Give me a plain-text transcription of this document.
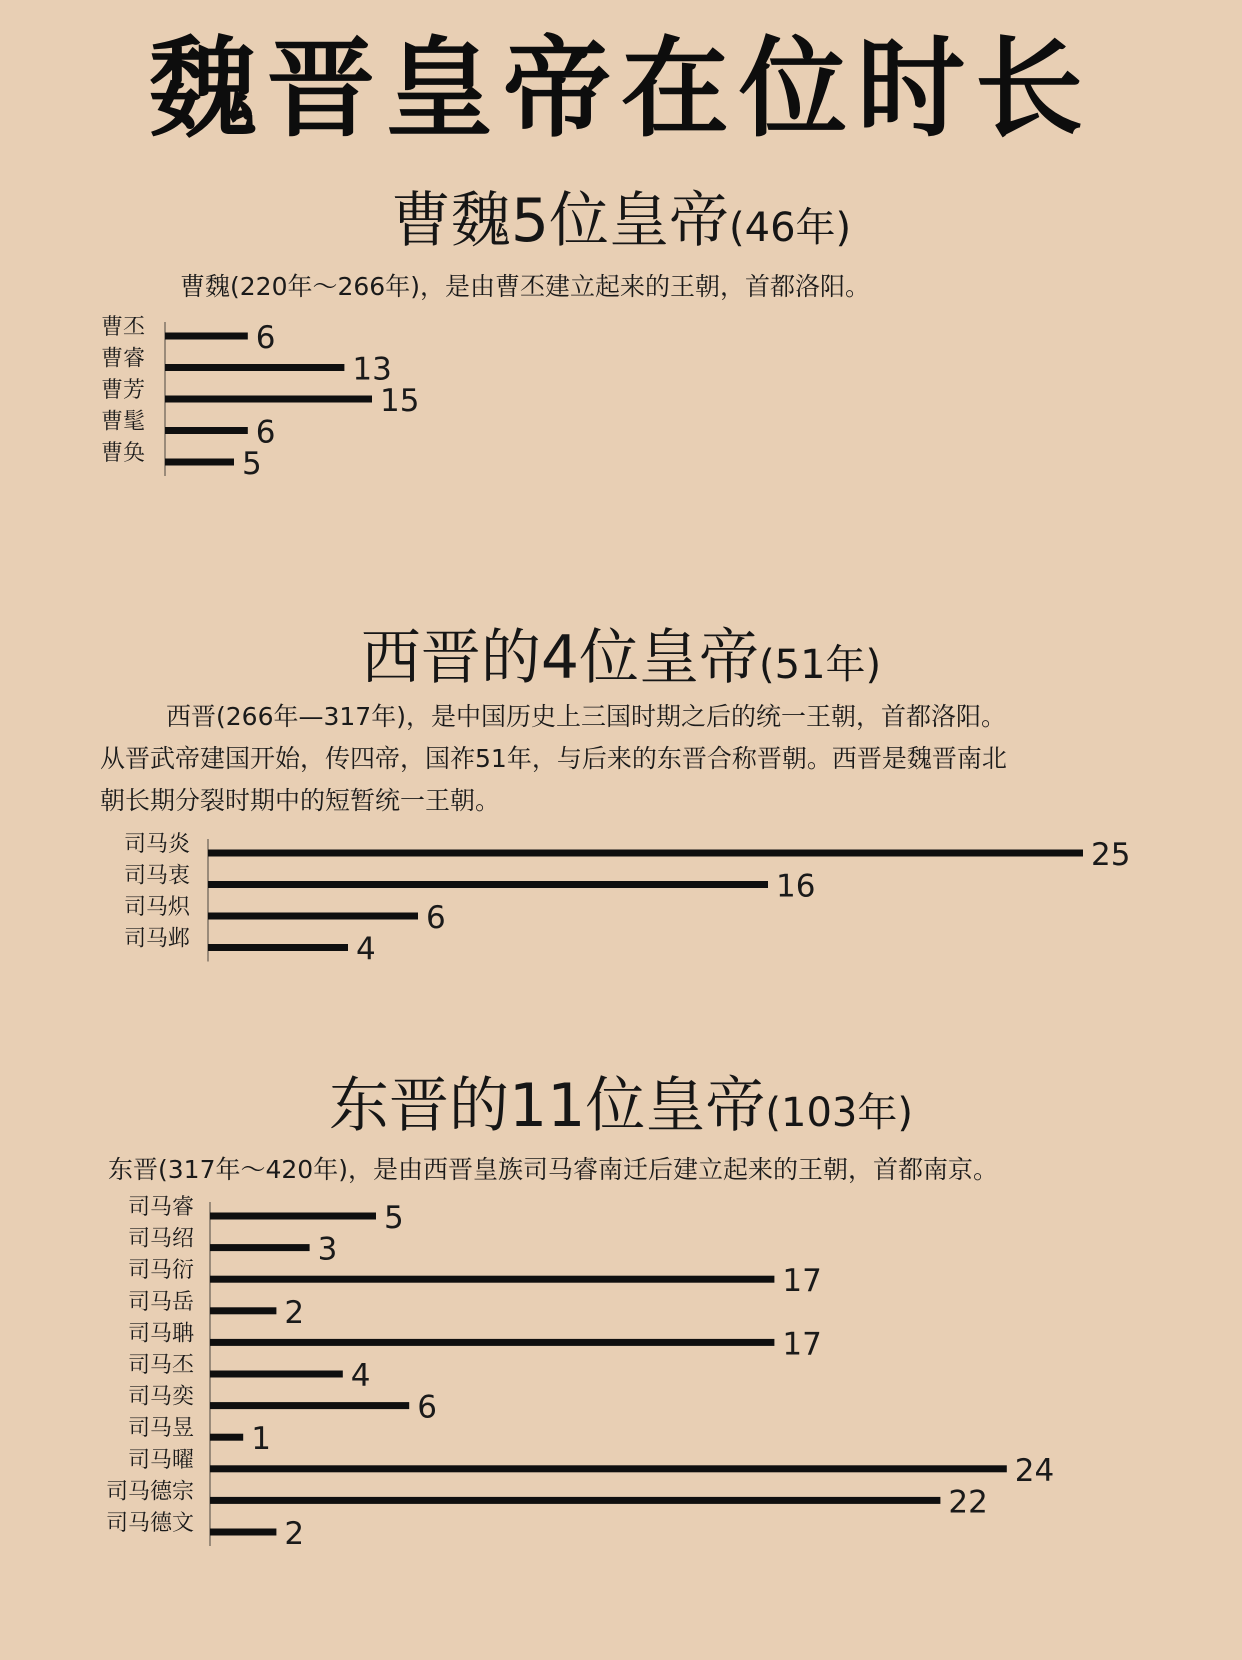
魏晋皇帝在位时长
曹魏5位皇帝(46年)
曹魏(220年～266年)，是由曹丕建立起来的王朝，首都洛阳。
曹丕	6
曹睿	13
曹芳	15
曹髦	6
曹奂	5
西晋的4位皇帝(51年)
西晋(266年—317年)，是中国历史上三国时期之后的统一王朝，首都洛阳。
从晋武帝建国开始，传四帝，国祚51年，与后来的东晋合称晋朝。西晋是魏晋南北
朝长期分裂时期中的短暂统一王朝。
司马炎	25
司马衷	16
司马炽	6
司马邺	4
东晋的11位皇帝(103年)
东晋(317年～420年)，是由西晋皇族司马睿南迁后建立起来的王朝，首都南京。
司马睿	5
司马绍	3
司马衍	17
司马岳	2
司马聃	17
司马丕	4
司马奕	6
司马昱 1
司马曜	24
司马德宗	22
司马德文	2
